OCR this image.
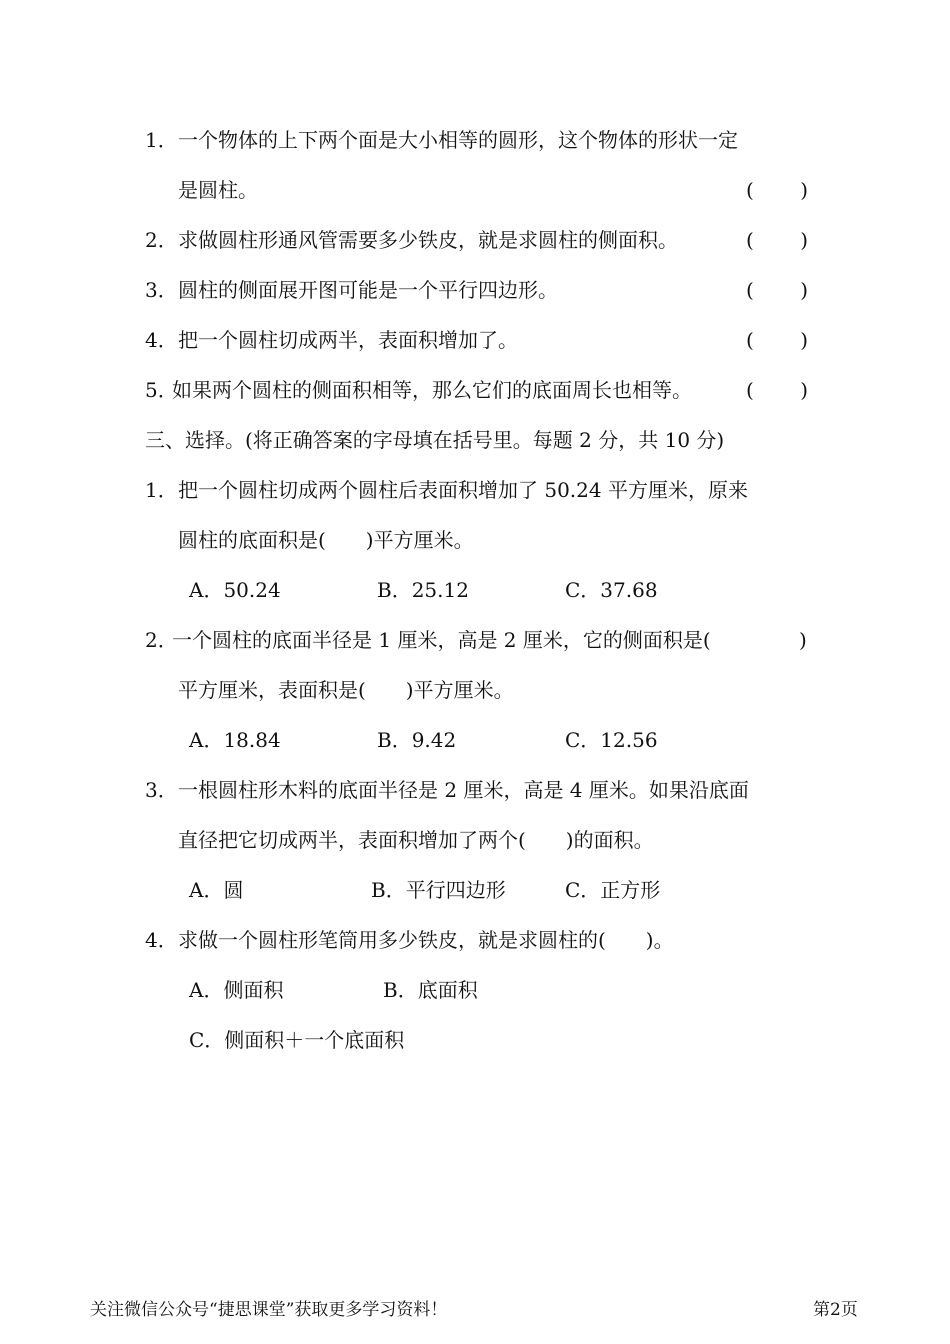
1． 一个物体的上下两个面是大小相等的圆形，这个物体的形状一定
是圆柱。	( )
2． 求做圆柱形通风管需要多少铁皮，就是求圆柱的侧面积。	( )
3． 圆柱的侧面展开图可能是一个平行四边形。	( )
4． 把一个圆柱切成两半，表面积增加了。	( )
5．
如果两个圆柱的侧面积相等，那么它们的底面周长也相等。	( )
三、选择。(将正确答案的字母填在括号里。每题 2 分，共 10 分)
1． 把一个圆柱切成两个圆柱后表面积增加了 50.24 平方厘米，原来
圆柱的底面积是(　　)平方厘米。
A．50.24	B．25.12	C．37.68
2．
一个圆柱的底面半径是 1 厘米，高是 2 厘米，它的侧面积是(	)
平方厘米，表面积是(　　)平方厘米。
A．18.84	B．9.42	C．12.56
3． 一根圆柱形木料的底面半径是 2 厘米，高是 4 厘米。如果沿底面
直径把它切成两半，表面积增加了两个(　　)的面积。
A．圆	B．平行四边形	C．正方形
4． 求做一个圆柱形笔筒用多少铁皮，就是求圆柱的(　　)。
A．侧面积	B．底面积
C．侧面积＋一个底面积
关注微信公众号“捷思课堂”获取更多学习资料！	第2页
